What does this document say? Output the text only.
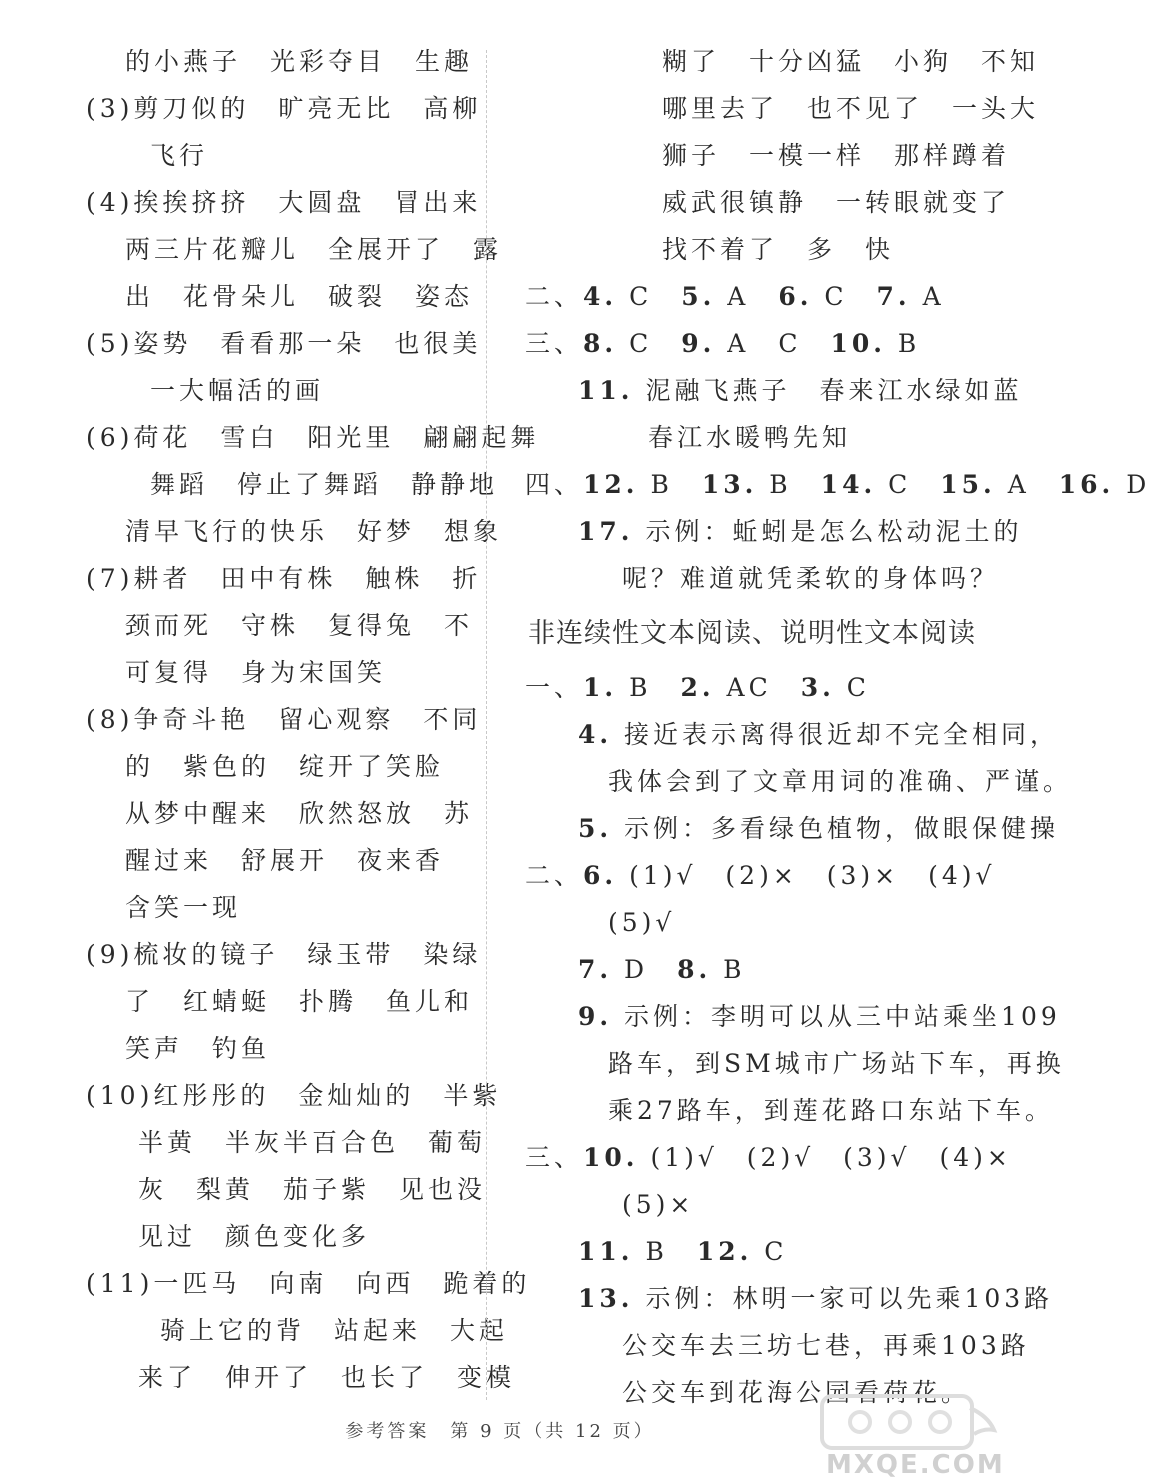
的小燕子　光彩夺目　生趣
(3)剪刀似的　旷亮无比　高柳
飞行
(4)挨挨挤挤　大圆盘　冒出来
两三片花瓣儿　全展开了　露
出　花骨朵儿　破裂　姿态
(5)姿势　看看那一朵　也很美
一大幅活的画
(6)荷花　雪白　阳光里　翩翩起舞
舞蹈　停止了舞蹈　静静地
清早飞行的快乐　好梦　想象
(7)耕者　田中有株　触株　折
颈而死　守株　复得兔　不
可复得　身为宋国笑
(8)争奇斗艳　留心观察　不同
的　紫色的　绽开了笑脸
从梦中醒来　欣然怒放　苏
醒过来　舒展开　夜来香
含笑一现
(9)梳妆的镜子　绿玉带　染绿
了　红蜻蜓　扑腾　鱼儿和
笑声　钓鱼
(10)红彤彤的　金灿灿的　半紫
半黄　半灰半百合色　葡萄
灰　梨黄　茄子紫　见也没
见过　颜色变化多
(11)一匹马　向南　向西　跪着的
骑上它的背　站起来　大起
来了　伸开了　也长了　变模
糊了　十分凶猛　小狗　不知
哪里去了　也不见了　一头大
狮子　一模一样　那样蹲着
威武很镇静　一转眼就变了
找不着了　多　快
二、4. C　5. A　6. C　7. A
三、8. C　9. A　C　10. B
11. 泥融飞燕子　春来江水绿如蓝
春江水暖鸭先知
四、12. B　13. B　14. C　15. A　16. D
17. 示例：蚯蚓是怎么松动泥土的
呢？难道就凭柔软的身体吗？
一、1. B　2. AC　3. C
4. 接近表示离得很近却不完全相同，
我体会到了文章用词的准确、严谨。
5. 示例：多看绿色植物，做眼保健操
二、6. (1)√　(2)×　(3)×　(4)√
(5)√
7. D　8. B
9. 示例：李明可以从三中站乘坐109
路车，到SM城市广场站下车，再换
乘27路车，到莲花路口东站下车。
三、10. (1)√　(2)√　(3)√　(4)×
(5)×
11. B　12. C
13. 示例：林明一家可以先乘103路
公交车去三坊七巷，再乘103路
公交车到花海公园看荷花。
非连续性文本阅读、说明性文本阅读
参考答案　第 9 页（共 12 页）
MXQE.COM
